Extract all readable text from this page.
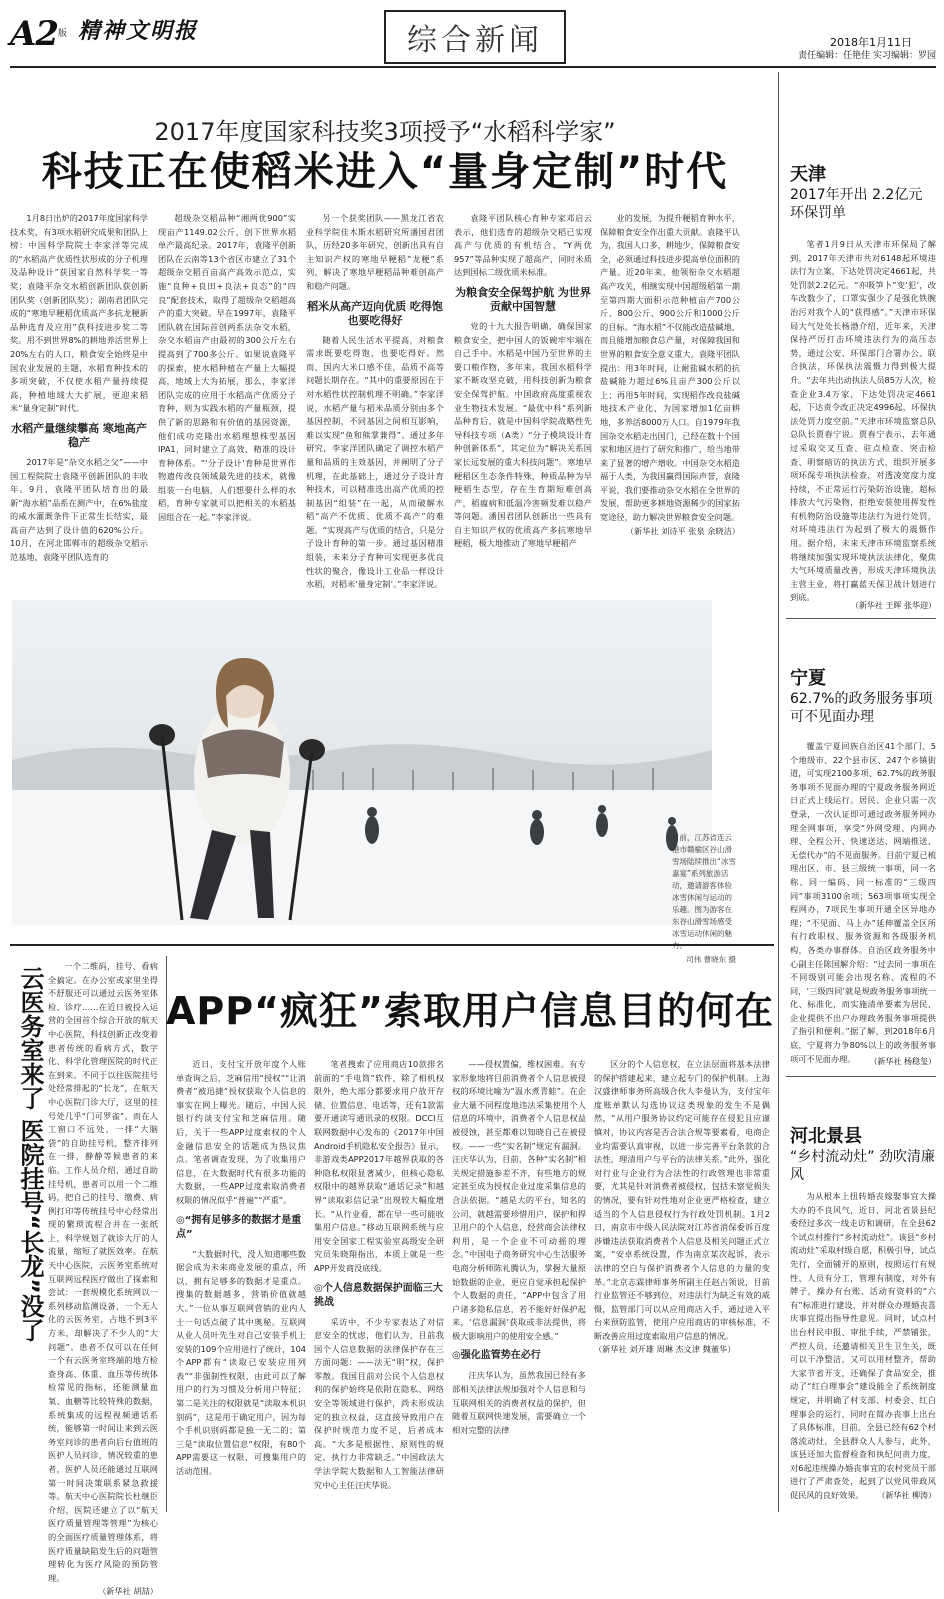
A2 版 精神文明报	综合新闻	2018年1月11日
责任编辑：任艳佳 实习编辑：罗园
2017年度国家科技奖3项授予“水稻科学家”
科技正在使稻米进入“量身定制”时代

1月8日出炉的2017年度国家科学技术奖，有3项水稻研究成果和团队上榜：中国科学院院士李家洋等完成的“水稻高产优质性状形成的分子机理及品种设计”获国家自然科学奖一等奖；袁隆平杂交水稻创新团队获创新团队奖（创新团队奖）；湖南君团队完成的“寒地早粳稻优质高产多抗龙粳新品种选育及应用”获科技进步奖二等奖。用不到世界8%的耕地养活世界上20%左右的人口，粮食安全始终是中国农业发展的主题，水稻育种技术的多项突破，不仅使水稻产量持续提高，种植地域大大扩展，更迎来稻米“量身定制”时代。

水稻产量继续攀高 寒地高产稳产

2017年是“杂交水稻之父”——中国工程院院士袁隆平创新团队的丰收年。9月，袁隆平团队培育出的最新“海水稻”品系在测产中，在6%盐度的咸水灌溉条件下正常生长结实，最高亩产达到了设计值的620%公斤。10月，在河北邯郸市的超级杂交稻示范基地，袁隆平团队选育的

超级杂交稻品种“湘两优900”实现亩产1149.02公斤，创下世界水稻单产最高纪录。2017年，袁隆平创新团队在云南等13个省区市建立了31个超级杂交稻百亩高产高效示范点，实施“良种+良田+良法+良态”的“四良”配套技术，取得了超级杂交稻超高产的重大突破。早在1997年，袁隆平团队就在国际首创两系法杂交水稻，杂交水稻亩产由最初的300公斤左右提高到了700多公斤。如果说袁隆平的探索，使水稻种植在产量上大幅提高，地域上大为拓展，那么，李家洋团队完成的应用于水稻高产优质分子育种，则为实践水稻的产量瓶颈，提供了新的思路和有价值的基因资源，他们成功克隆出水稻理想株型基因IPA1，同时建立了高效、精准的设计育种体系。“‘分子设计’育种是世界作物遗传改良领域最先进的技术，就像组装一台电脑，人们想要什么样的水稻，育种专家就可以把相关的水稻基因组合在一起。”李家洋说。

另一个获奖团队——黑龙江省农业科学院佳木斯水稻研究所潘国君团队，历经20多年研究，创新出具有自主知识产权的寒地早粳稻“龙粳”系列，解决了寒地早粳稻品种难创高产和稳产问题。

稻米从高产迈向优质 吃得饱也要吃得好

随着人民生活水平提高，对粮食需求既要吃得饱，也要吃得好。然而，国内大米口感不佳，品质不高等问题长期存在。“其中的重要原因在于对水稻性状控制机理不明确。”李家洋说，水稻产量与稻米品质分别由多个基因控制，不同基因之间相互影响，难以实现“鱼和熊掌兼得”。通过多年研究，李家洋团队确定了调控水稻产量和品质的主效基因，并阐明了分子机理，在此基础上，通过分子设计育种技术，可以精准选出高产优质的控制基因“组装”在一起，从而破解水稻“高产不优质、优质不高产”的难题。“实现高产与优质的结合，只是分子设计育种的第一步。通过基因精准组装，未来分子育种可实现更多优良性状的聚合，像设计工业品一样设计水稻，对稻米‘量身定制’。”李家洋说。

袁隆平团队核心育种专家邓启云表示，他们选育的超级杂交稻已实现高产与优质的有机结合，“Y两优957”等品种实现了超高产，同时米质达到国标二级优质米标准。

为粮食安全保驾护航 为世界贡献中国智慧

党的十九大报告明确，确保国家粮食安全，把中国人的饭碗牢牢端在自己手中。水稻是中国乃至世界的主要口粮作物，多年来，我国水稻科学家不断攻坚克破，用科技创新为粮食安全保驾护航。中国政府高度重视农业生物技术发展。“最优中科”系列新品种育后，就是中国科学院战略性先导科技专项（A类）“分子模块设计育种创新体系”，其定位为“解决关系国家长远发展的重大科技问题”。寒地早粳稻区生态条件特殊，种质品种为早粳稻生态型，存在生育期短难创高产，稻瘟病和低温冷害频发难以稳产等问题。潘国君团队创新出一些具有自主知识产权的优质高产多抗寒地早粳稻，极大地推动了寒地早粳稻产

业的发展，为提升粳稻育种水平，保障粮食安全作出重大贡献。袁隆平认为，我国人口多，耕地少，保障粮食安全，必须通过科技进步提高单位面积的产量。近20年来，他领衔杂交水稻超高产攻关，相继实现中国超级稻第一期至第四期大面积示范种植亩产700公斤、800公斤、900公斤和1000公斤的目标。“海水稻”不仅能改造盐碱地，而且能增加粮食总产量，对保障我国和世界的粮食安全意义重大。袁隆平团队提出：用3年时间，让耐盐碱水稻的抗盐碱能力超过6%且亩产300公斤以上；再用5年时间，实现稻作改良盐碱地技术产业化，为国家增加1亿亩耕地，多养活8000万人口。自1979年我国杂交水稻走出国门，已经在数十个国家和地区进行了研究和推广，给当地带来了显著的增产增收。中国杂交水稻造福于人类，为我国赢得国际声誉，袁隆平说，我们要推动杂交水稻在全世界的发展，帮助更多耕地资源稀少的国家拓宽途径，助力解决世界粮食安全问题。

（新华社 刘诗平 张泉 余晓洁）

天津
2017年开出 2.2亿元环保罚单

笔者1月9日从天津市环保局了解到，2017年天津市共对6148起环境违法行为立案，下达处罚决定4661起，共处罚款2.2亿元。“亦吸笋卜”变‘犯’，改车改数少了，口罩实强少了是强化铁腕治污对我个人的“获得感”。”天津市环保局大气处处长杨渤介绍，近年来，天津保持严厉打击环境违法行为的高压态势，通过公安、环保部门合署办公、联合执法，环保执法震慑力得到极大提升。“去年共出动执法人员85万人次，检查企业3.4万家，下达处罚决定4661起，下达责令改正决定4996起，环保执法处罚力度空前。”天津市环境监察总队总队长贾春宁说。贾春宁表示，去年通过采取交叉互查、驻点检查、突击检查、明察暗访的执法方式，组织开展多项环保专项执法检查，对透凌宽度力度持续，不正常运行污染防治设施，超标排放大气污染物，拒绝安装使用挥发性有机物防治设施等违法行为进行处罚，对环境违法行为起到了极大的震慑作用。据介绍，未来天津市环境监察系统将继续加强实现环境执法法律化，聚焦大气环境质量改善，形成天津环境执法主营主业，将打赢蓝天保卫战计划进行到底。

（新华社 王晖 张华迎）
宁夏
62.7%的政务服务事项 可不见面办理

覆盖宁夏回族自治区41个部门、5个地级市、22个县市区、247个乡镇街道，可实现2100多项、62.7%的政务服务事项不见面办理的宁夏政务服务网近日正式上线运行。居民、企业只需一次登录，一次认证即可通过政务服务网办理全网事项，享受“外网受理、内网办理、全程公开、快速送达、网端推送、无偿代办”的不见面服务。目前宁夏已梳理出区、市、县三级统一事项，同一名称、同一编码、同一标准的“三级四同”事项3100余项；563项事项实现全程网办，7项民生事项开通全区异地办理；“不见面、马上办”延伸覆盖全区所有行政职权、服务资源和各级服务机构，各类办事群体。自治区政务服务中心副主任陈国解介绍：“过去同一事项在不同级别可能会出现名称、流程的不同，‘三级四同’就是规政务服务事项统一化、标准化，而实施清单要素为居民、企业提供不出户办理政务服务事项提供了指引和便利。”据了解，到2018年6月底，宁夏将力争80%以上的政务服务事项可不见面办理。	（新华社 杨稳玺）
河北景县
“乡村流动灶” 劲吹清廉风

为从根本上扭转婚丧嫁娶事宜大操大办的不良风气，近日，河北省景县纪委经过多次一线走访和调研，在全县62个试点村推行“乡村流动灶”。该县“乡村流动灶”采取村级自愿，积极引导，试点先行，全面铺开的原则，按照运行有规性、人员有分工，管理有制度，对外有牌子，操办有台账、活动有资料的“六有”标准进行建设，并对群众办理婚丧喜庆事宜提出指导性意见。同时，试点村出台村民申报、审批手续，严禁铺张，严控人员，还邀请相关卫生卫生关，既可以干净整洁，又可以用材整齐，帮助大家节省开支，还确保了食品安全，推动了“红白理事会”建设能全了系统制度规定，并明确了村支部、村委会、红白理事会的运行，同时在简办丧事上出台了具体标准，目前，全县已经有62个村落流动灶，全县群众人人参与，此外，该县还加大监督检查和执纪问责力度，对6起违规操办婚丧事宜的农村党员干部进行了严肃查处，起到了以党风带政风促民风的良好效果。	（新华社 柳涛）
日前，江苏省连云港市赣榆区谷山滑雪场陆续推出“冰雪嘉宴”系列旅游活动，邀请游客体验冰雪休闲与运动的乐趣。图为游客在东谷山滑雪场感受冰雪运动休闲的魅
司伟 曹晓东 摄
云医务室来了 医院挂号“长龙”没了	一个二维码，挂号、看病全搞定。在办公室或家里坐得不舒服还可以通过云医务室体检、诊疗……在近日被投入运营的全国首个综合开放的航天中心医院，科技创新正改变着患者传统的看病方式，数字化、科学化管理医院的时代正在到来。不同于以往医院挂号处经常排起的“长龙”，在航天中心医院门诊大厅，这里的挂号处几乎“门可罗雀”。而在人工窗口不远处，一排“大脑袋”的自助挂号机，整齐排列在一排，静静等候患者的来临。工作人员介绍，通过自助挂号机，患者可以用一个二维码，把自己的挂号、缴费、病例打印等传统挂号中心经常出现的繁琐流程合并在一张纸上，科学规划了就诊大厅的人流量，缩短了就医效率。在航天中心医院，云医务室系统对互联网远程医疗做出了探索和尝试：一套规模化系统网以一系列移动监测设备，一个无人化的云医务室，占地不到3平方米，却解决了不少人的“大问题”。患者不仅可以在任何一个有云医务室终端的地方检查身高、体重、血压等传统体检常见的指标，还能测量血氧、血糖等比较特殊的数据，系统集成的远程视频通话系统，能够第一时间让来到云医务室问诊的患者向后台值班的医护人员问诊，情况较重的患者，医护人员还能通过互联网第一时间决策联系紧急救援等。航天中心医院院长杜继臣介绍，医院还建立了以“航天医疗质量管理等管理”为核心的全面医疗质量管理体系，将医疗质量缺陷发生后的问题管理转化为医疗风险的预防管理。

（新华社 胡喆）

APP“疯狂”索取用户信息目的何在

近日，支付宝开放年度个人账单查询之后，芝麻信用“授权”“让消费者”被迅捷“授权获取个人信息的事实在网上曝光。随后，中国人民银行约谈支付宝和芝麻信用。随后，关于一些APP过度索权的个人金融信息安全的话题成为热议焦点。笔者调查发现，为了收集用户信息，在大数据时代有很多功能的大数据，一些APP过度索取消费者权限的情况似乎“普遍”“严重”。

◎“拥有足够多的数据才是重点”

“大数据时代，没人知道哪些数据会成为未来商业发展的重点，所以，拥有足够多的数据才是重点。搜集的数据越多，营销价值就越大。”一位从事互联网营销的业内人士一句话点破了其中奥秘。互联网从业人员叶先生对自己安装手机上安装的109个应用进行了统计，104个APP都有“读取已安装应用列表”“非强制性权限，由此可以了解用户的行为习惯及分析用户特征；第二是关注的权限就是“读取本机识别码”，这是用于确定用户，因为每个手机识别码都是独一无二的；第三是“读取位置信息”权限，有80个APP需要这一权限，可搜集用户的活动范围。

笔者搜索了应用商店10款排名前面的“手电筒”软件，除了相机权限外，绝大部分都要求用户放开存储、位置信息、电话等，还有1款需要开通读写通讯录的权限。DCCI互联网数据中心发布的《2017年中国Android手机隐私安全报告》显示，非游戏类APP2017年越界获取的各种隐私权限显著减少，但核心隐私权限中的越界获取“通话记录”和越界“读取彩信记录”出现较大幅度增长。“从行业看，都在早一些可能收集用户信息。”移动互联网系统与应用安全国家工程实验室高级安全研究员朱晓翔指出，本质上就是一些APP开发商没底线。

◎个人信息数据保护面临三大挑战

采访中，不少专家表达了对信息安全的忧虑，他们认为，目前我国个人信息数据的法律保护存在三方面问题：——法无“明”权，保护零散。我国目前对公民个人信息权利的保护始终是依附在隐私、网络安全等领域进行保护，尚未形成法定的独立权益，这直接导致用户在保护时规范力度不足，后者成本高。“大多是根据性、原则性的规定，执行力非常缺乏。”中国政法大学法学院大数据和人工智能法律研究中心主任汪庆华说。

——侵权置偏，维权困难。有专家形象地将目前消费者个人信息被侵权的环境比喻为“温水煮青蛙”。在企业大量不同程度地违法采集使用个人信息的环境中，消费者个人信息权益被侵蚀，甚至都难以知晓自己在被侵权。——一些“实名制”规定有漏洞。汪庆华认为，目前，各种“实名制”相关规定措施参差不齐，有些地方的规定甚至成为授权企业过度采集信息的合法依据。“越是大的平台，知名的公司，就越需要珍惜用户，保护和捍卫用户的个人信息，经营商会法律权利用，是一个企业不可动摇的理念。”中国电子商务研究中心生活服务电商分析师陈礼腾认为，掌握大量原始数据的企业，更应自觉承担起保护个人数据的责任，“APP中包含了用户诸多隐私信息，若不能好好保护起来，‘信息漏洞’获取或非法提供，将极大影响用户的使用安全感。”

◎强化监管势在必行

汪庆华认为，虽然我国已经有多部相关法律法规加强对个人信息和与互联网相关的消费者权益的保护，但随着互联网快速发展，需要确立一个相对完整的法律

区分的个人信息权，在立法层面将基本法律的保护搭建起来，建立起专门的保护机制。上海汉盛律师事务所高级合伙人李曼认为，支付宝年度账单默认勾选协议这类现象的发生不是偶然，“从用户服务协议约定可能存在侵犯且应谨慎对，协议内容是否合法合规等要素看，电商企业均需要认真审视，以进一步完善平台条款的合法性，理清用户与平台的法律关系。”此外，强化对行业与企业行为合法性的行政管理也非常重要，尤其是针对消费者被侵权，包括未察觉损失的情况，要有针对性地对企业更严格检查，建立适当的个人信息侵权行为行政处罚机制。1月2日，南京市中级人民法院对江苏省消保委诉百度涉嫌违法获取消费者个人信息及相关问题正式立案，“安卓系统设置，作为南京某次起诉，表示法律的空白与保护消费者个人信息的力量的变革。”北京志霖律师事务所副主任赵占领说，目前行业监管还不够到位，对违法行为缺乏有效的威慑，监管部门可以从应用商店入手，通过进入平台来预防监管，使用户应用商店的审核标准，不断改善应用过度索取用户信息的情况。

（新华社 刘开雄 周琳 杰文津 魏董华）
